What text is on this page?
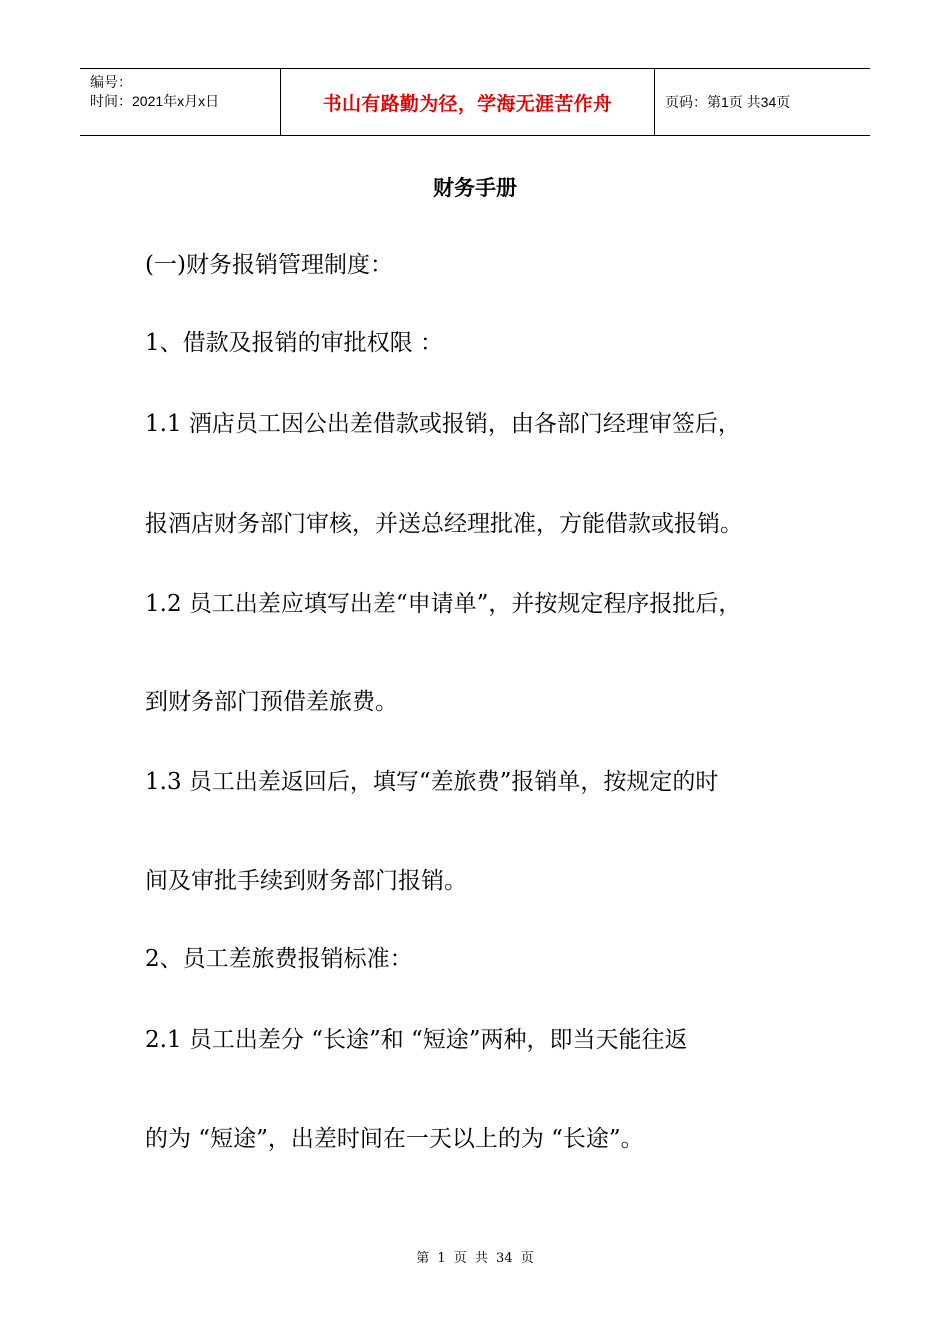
编号：
时间：2021年x月x日	书山有路勤为径，学海无涯苦作舟	页码：第1页 共34页
财务手册
(一)财务报销管理制度：
1、借款及报销的审批权限 ：
1.1 酒店员工因公出差借款或报销，由各部门经理审签后，
报酒店财务部门审核，并送总经理批准，方能借款或报销。
1.2 员工出差应填写出差“申请单”，并按规定程序报批后，
到财务部门预借差旅费。
1.3 员工出差返回后，填写“差旅费”报销单，按规定的时
间及审批手续到财务部门报销。
2、员工差旅费报销标准：
2.1 员工出差分 “长途”和 “短途”两种，即当天能往返
的为 “短途”，出差时间在一天以上的为 “长途”。
第 1 页 共 34 页
